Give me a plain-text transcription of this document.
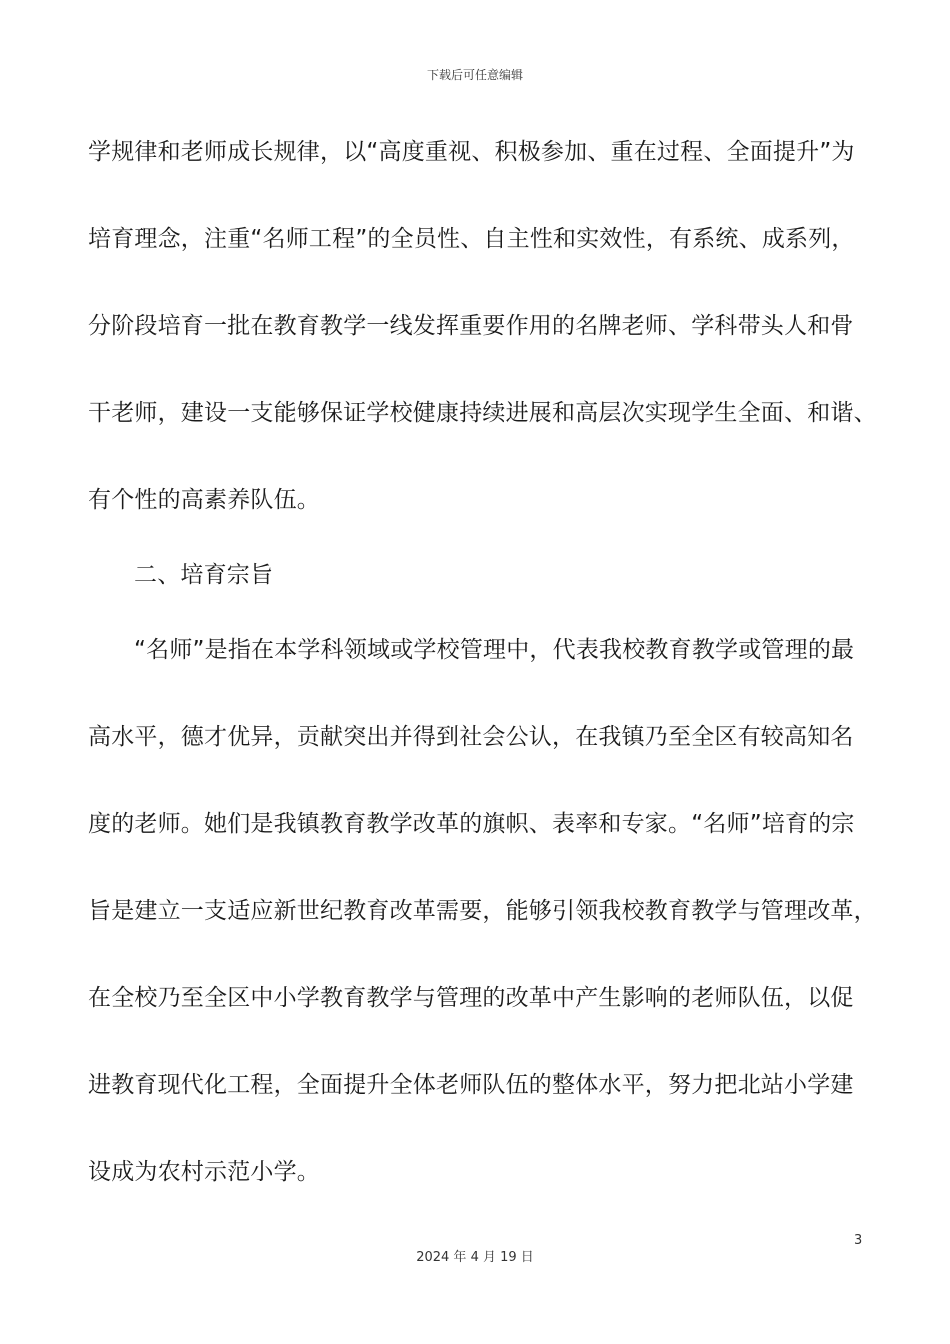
下载后可任意编辑
学规律和老师成长规律，以“高度重视、积极参加、重在过程、全面提升”为
培育理念，注重“名师工程”的全员性、自主性和实效性，有系统、成系列，
分阶段培育一批在教育教学一线发挥重要作用的名牌老师、学科带头人和骨
干老师，建设一支能够保证学校健康持续进展和高层次实现学生全面、和谐、
有个性的高素养队伍。
二、培育宗旨
“名师”是指在本学科领域或学校管理中，代表我校教育教学或管理的最
高水平，德才优异，贡献突出并得到社会公认，在我镇乃至全区有较高知名
度的老师。她们是我镇教育教学改革的旗帜、表率和专家。“名师”培育的宗
旨是建立一支适应新世纪教育改革需要，能够引领我校教育教学与管理改革，
在全校乃至全区中小学教育教学与管理的改革中产生影响的老师队伍，以促
进教育现代化工程，全面提升全体老师队伍的整体水平，努力把北站小学建
设成为农村示范小学。
3
2024 年 4 月 19 日
